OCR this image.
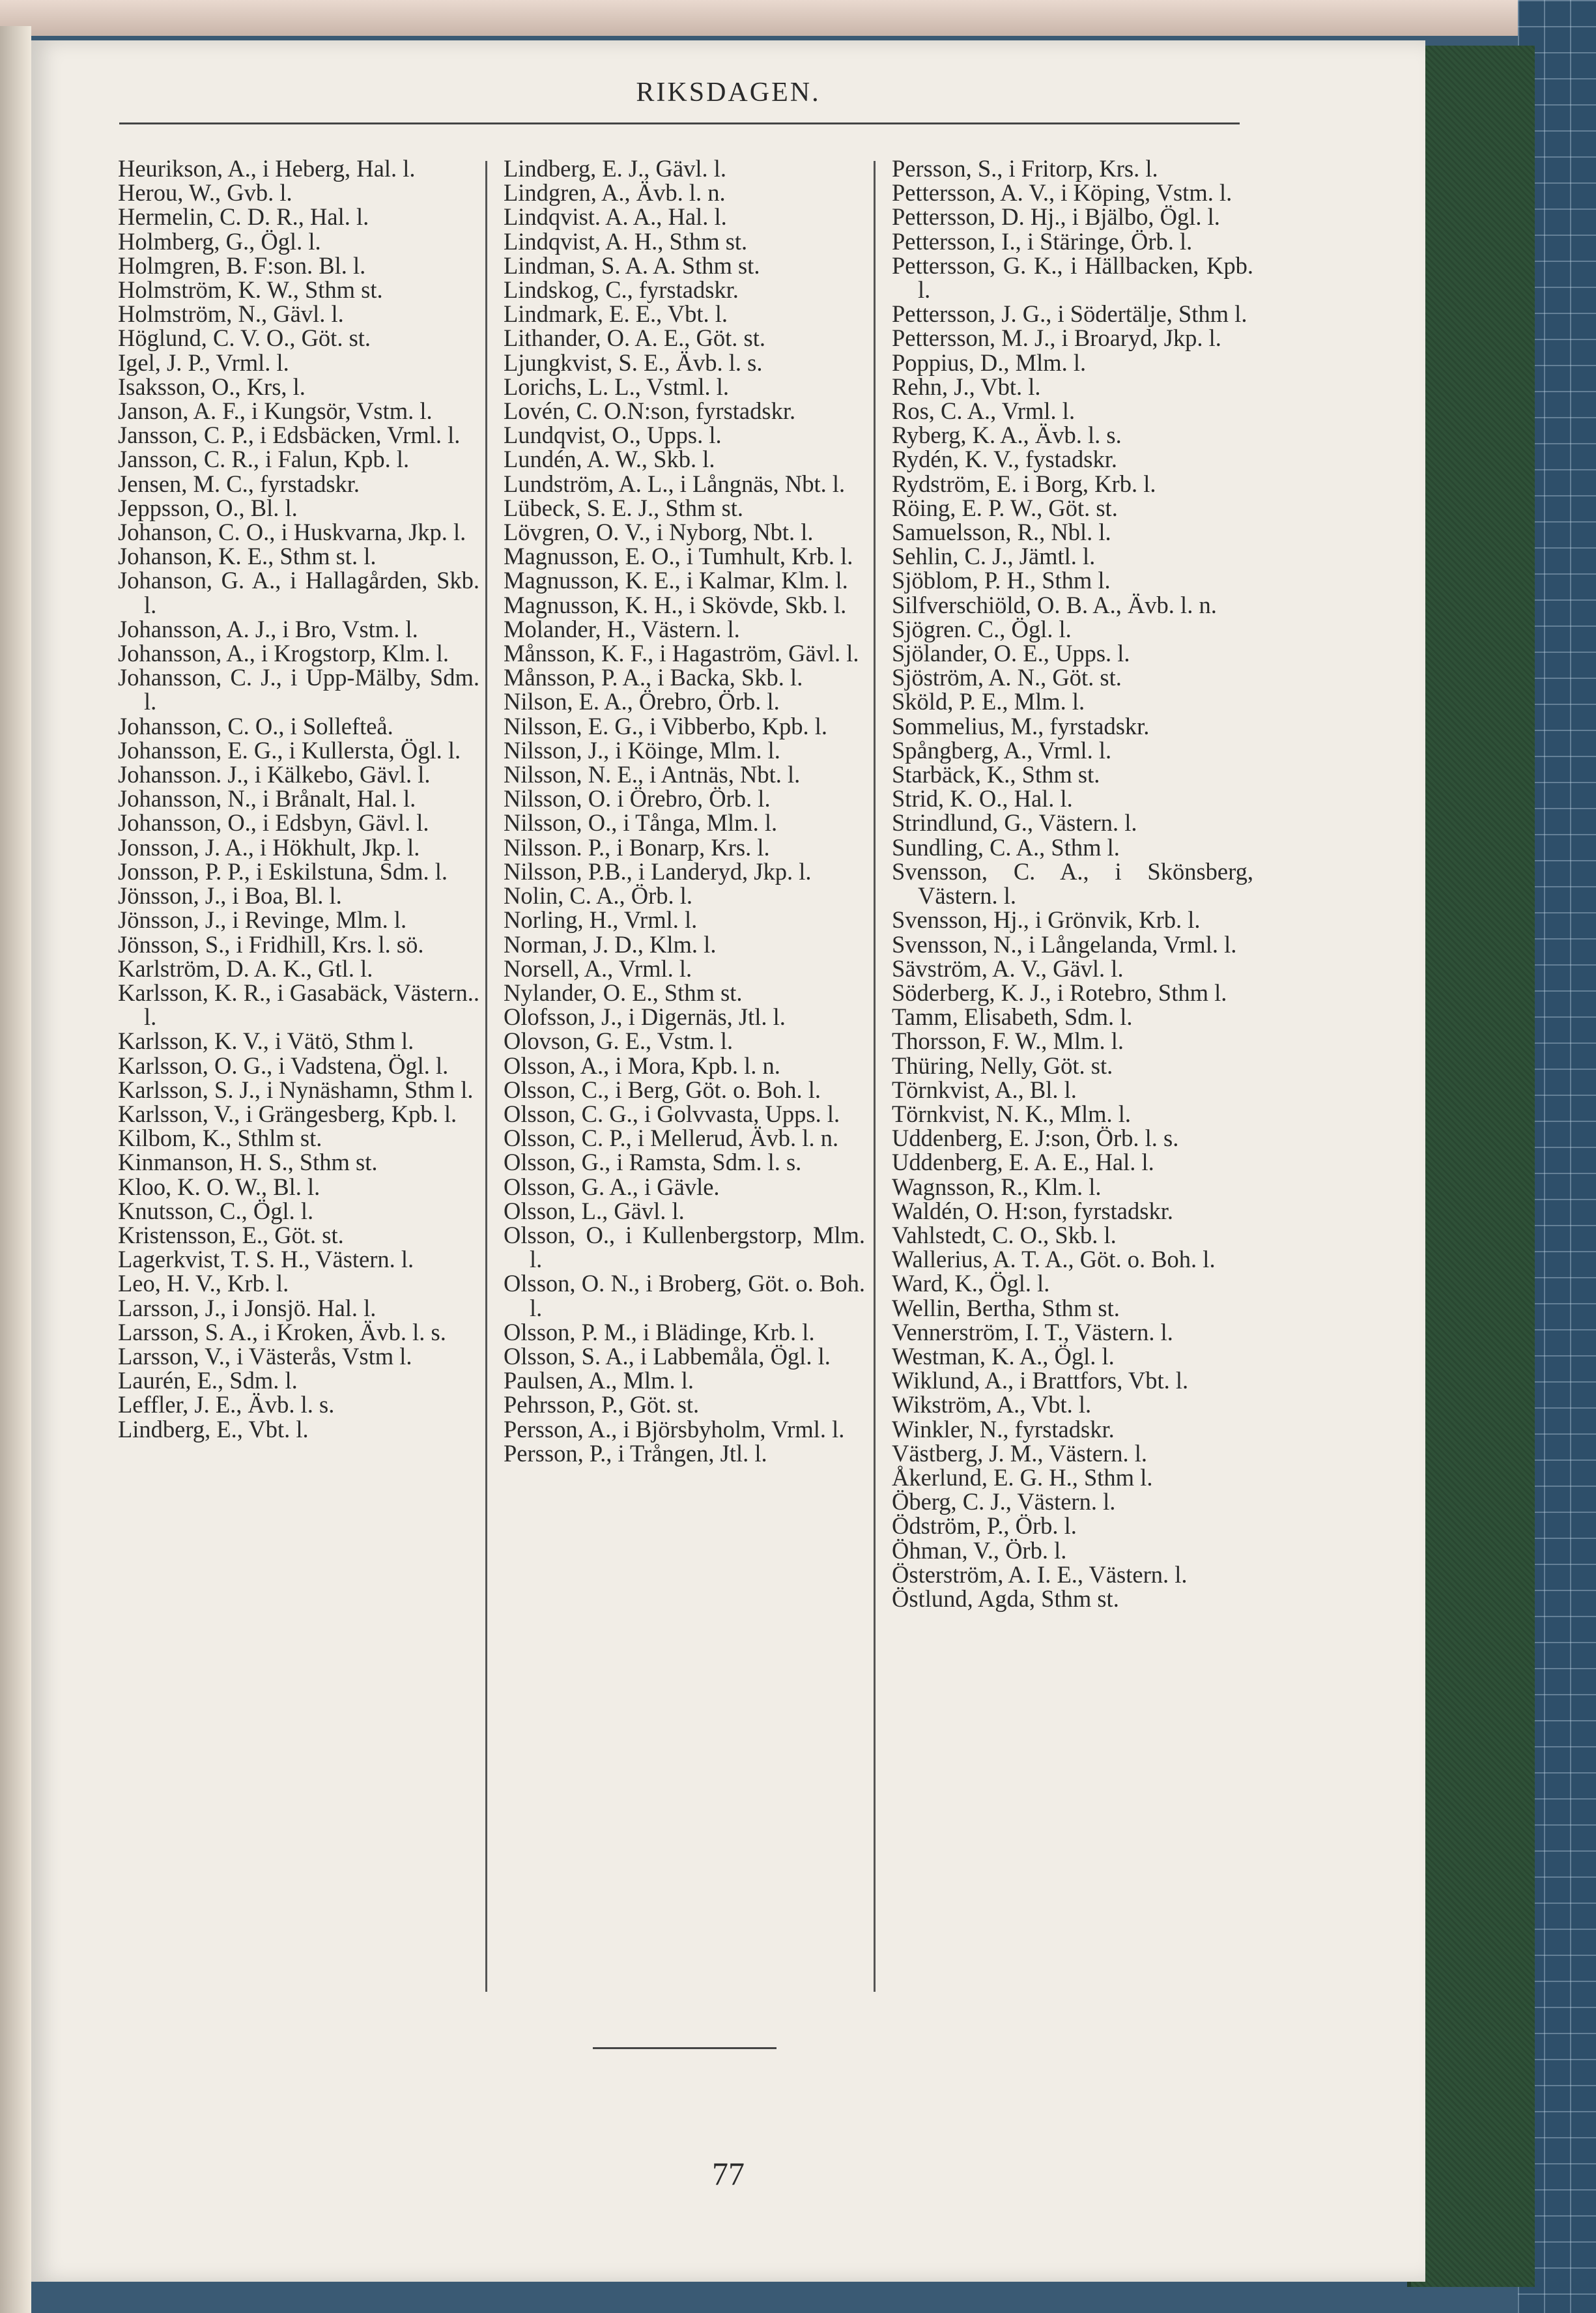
RIKSDAGEN.
Heurikson, A., i Heberg, Hal. l.
Herou, W., Gvb. l.
Hermelin, C. D. R., Hal. l.
Holmberg, G., Ögl. l.
Holmgren, B. F:son. Bl. l.
Holmström, K. W., Sthm st.
Holmström, N., Gävl. l.
Höglund, C. V. O., Göt. st.
Igel, J. P., Vrml. l.
Isaksson, O., Krs, l.
Janson, A. F., i Kungsör, Vstm. l.
Jansson, C. P., i Edsbäcken, Vrml. l.
Jansson, C. R., i Falun, Kpb. l.
Jensen, M. C., fyrstadskr.
Jeppsson, O., Bl. l.
Johanson, C. O., i Huskvarna, Jkp. l.
Johanson, K. E., Sthm st. l.
Johanson, G. A., i Hallagården, Skb. l.
Johansson, A. J., i Bro, Vstm. l.
Johansson, A., i Krogstorp, Klm. l.
Johansson, C. J., i Upp-Mälby, Sdm. l.
Johansson, C. O., i Sollefteå.
Johansson, E. G., i Kullersta, Ögl. l.
Johansson. J., i Kälkebo, Gävl. l.
Johansson, N., i Brånalt, Hal. l.
Johansson, O., i Edsbyn, Gävl. l.
Jonsson, J. A., i Hökhult, Jkp. l.
Jonsson, P. P., i Eskilstuna, Sdm. l.
Jönsson, J., i Boa, Bl. l.
Jönsson, J., i Revinge, Mlm. l.
Jönsson, S., i Fridhill, Krs. l. sö.
Karlström, D. A. K., Gtl. l.
Karlsson, K. R., i Gasabäck, Västern.. l.
Karlsson, K. V., i Vätö, Sthm l.
Karlsson, O. G., i Vadstena, Ögl. l.
Karlsson, S. J., i Nynäshamn, Sthm l.
Karlsson, V., i Grängesberg, Kpb. l.
Kilbom, K., Sthlm st.
Kinmanson, H. S., Sthm st.
Kloo, K. O. W., Bl. l.
Knutsson, C., Ögl. l.
Kristensson, E., Göt. st.
Lagerkvist, T. S. H., Västern. l.
Leo, H. V., Krb. l.
Larsson, J., i Jonsjö. Hal. l.
Larsson, S. A., i Kroken, Ävb. l. s.
Larsson, V., i Västerås, Vstm l.
Laurén, E., Sdm. l.
Leffler, J. E., Ävb. l. s.
Lindberg, E., Vbt. l.
Lindberg, E. J., Gävl. l.
Lindgren, A., Ävb. l. n.
Lindqvist. A. A., Hal. l.
Lindqvist, A. H., Sthm st.
Lindman, S. A. A. Sthm st.
Lindskog, C., fyrstadskr.
Lindmark, E. E., Vbt. l.
Lithander, O. A. E., Göt. st.
Ljungkvist, S. E., Ävb. l. s.
Lorichs, L. L., Vstml. l.
Lovén, C. O.N:son, fyrstadskr.
Lundqvist, O., Upps. l.
Lundén, A. W., Skb. l.
Lundström, A. L., i Långnäs, Nbt. l.
Lübeck, S. E. J., Sthm st.
Lövgren, O. V., i Nyborg, Nbt. l.
Magnusson, E. O., i Tumhult, Krb. l.
Magnusson, K. E., i Kalmar, Klm. l.
Magnusson, K. H., i Skövde, Skb. l.
Molander, H., Västern. l.
Månsson, K. F., i Hagaström, Gävl. l.
Månsson, P. A., i Backa, Skb. l.
Nilson, E. A., Örebro, Örb. l.
Nilsson, E. G., i Vibberbo, Kpb. l.
Nilsson, J., i Köinge, Mlm. l.
Nilsson, N. E., i Antnäs, Nbt. l.
Nilsson, O. i Örebro, Örb. l.
Nilsson, O., i Tånga, Mlm. l.
Nilsson. P., i Bonarp, Krs. l.
Nilsson, P.B., i Landeryd, Jkp. l.
Nolin, C. A., Örb. l.
Norling, H., Vrml. l.
Norman, J. D., Klm. l.
Norsell, A., Vrml. l.
Nylander, O. E., Sthm st.
Olofsson, J., i Digernäs, Jtl. l.
Olovson, G. E., Vstm. l.
Olsson, A., i Mora, Kpb. l. n.
Olsson, C., i Berg, Göt. o. Boh. l.
Olsson, C. G., i Golvvasta, Upps. l.
Olsson, C. P., i Mellerud, Ävb. l. n.
Olsson, G., i Ramsta, Sdm. l. s.
Olsson, G. A., i Gävle.
Olsson, L., Gävl. l.
Olsson, O., i Kullenbergstorp, Mlm. l.
Olsson, O. N., i Broberg, Göt. o. Boh. l.
Olsson, P. M., i Blädinge, Krb. l.
Olsson, S. A., i Labbemåla, Ögl. l.
Paulsen, A., Mlm. l.
Pehrsson, P., Göt. st.
Persson, A., i Björsbyholm, Vrml. l.
Persson, P., i Trången, Jtl. l.
Persson, S., i Fritorp, Krs. l.
Pettersson, A. V., i Köping, Vstm. l.
Pettersson, D. Hj., i Bjälbo, Ögl. l.
Pettersson, I., i Stäringe, Örb. l.
Pettersson, G. K., i Hällbacken, Kpb. l.
Pettersson, J. G., i Södertälje, Sthm l.
Pettersson, M. J., i Broaryd, Jkp. l.
Poppius, D., Mlm. l.
Rehn, J., Vbt. l.
Ros, C. A., Vrml. l.
Ryberg, K. A., Ävb. l. s.
Rydén, K. V., fystadskr.
Rydström, E. i Borg, Krb. l.
Röing, E. P. W., Göt. st.
Samuelsson, R., Nbl. l.
Sehlin, C. J., Jämtl. l.
Sjöblom, P. H., Sthm l.
Silfverschiöld, O. B. A., Ävb. l. n.
Sjögren. C., Ögl. l.
Sjölander, O. E., Upps. l.
Sjöström, A. N., Göt. st.
Sköld, P. E., Mlm. l.
Sommelius, M., fyrstadskr.
Spångberg, A., Vrml. l.
Starbäck, K., Sthm st.
Strid, K. O., Hal. l.
Strindlund, G., Västern. l.
Sundling, C. A., Sthm l.
Svensson, C. A., i Skönsberg, Västern. l.
Svensson, Hj., i Grönvik, Krb. l.
Svensson, N., i Långelanda, Vrml. l.
Sävström, A. V., Gävl. l.
Söderberg, K. J., i Rotebro, Sthm l.
Tamm, Elisabeth, Sdm. l.
Thorsson, F. W., Mlm. l.
Thüring, Nelly, Göt. st.
Törnkvist, A., Bl. l.
Törnkvist, N. K., Mlm. l.
Uddenberg, E. J:son, Örb. l. s.
Uddenberg, E. A. E., Hal. l.
Wagnsson, R., Klm. l.
Waldén, O. H:son, fyrstadskr.
Vahlstedt, C. O., Skb. l.
Wallerius, A. T. A., Göt. o. Boh. l.
Ward, K., Ögl. l.
Wellin, Bertha, Sthm st.
Vennerström, I. T., Västern. l.
Westman, K. A., Ögl. l.
Wiklund, A., i Brattfors, Vbt. l.
Wikström, A., Vbt. l.
Winkler, N., fyrstadskr.
Västberg, J. M., Västern. l.
Åkerlund, E. G. H., Sthm l.
Öberg, C. J., Västern. l.
Ödström, P., Örb. l.
Öhman, V., Örb. l.
Österström, A. I. E., Västern. l.
Östlund, Agda, Sthm st.
77
